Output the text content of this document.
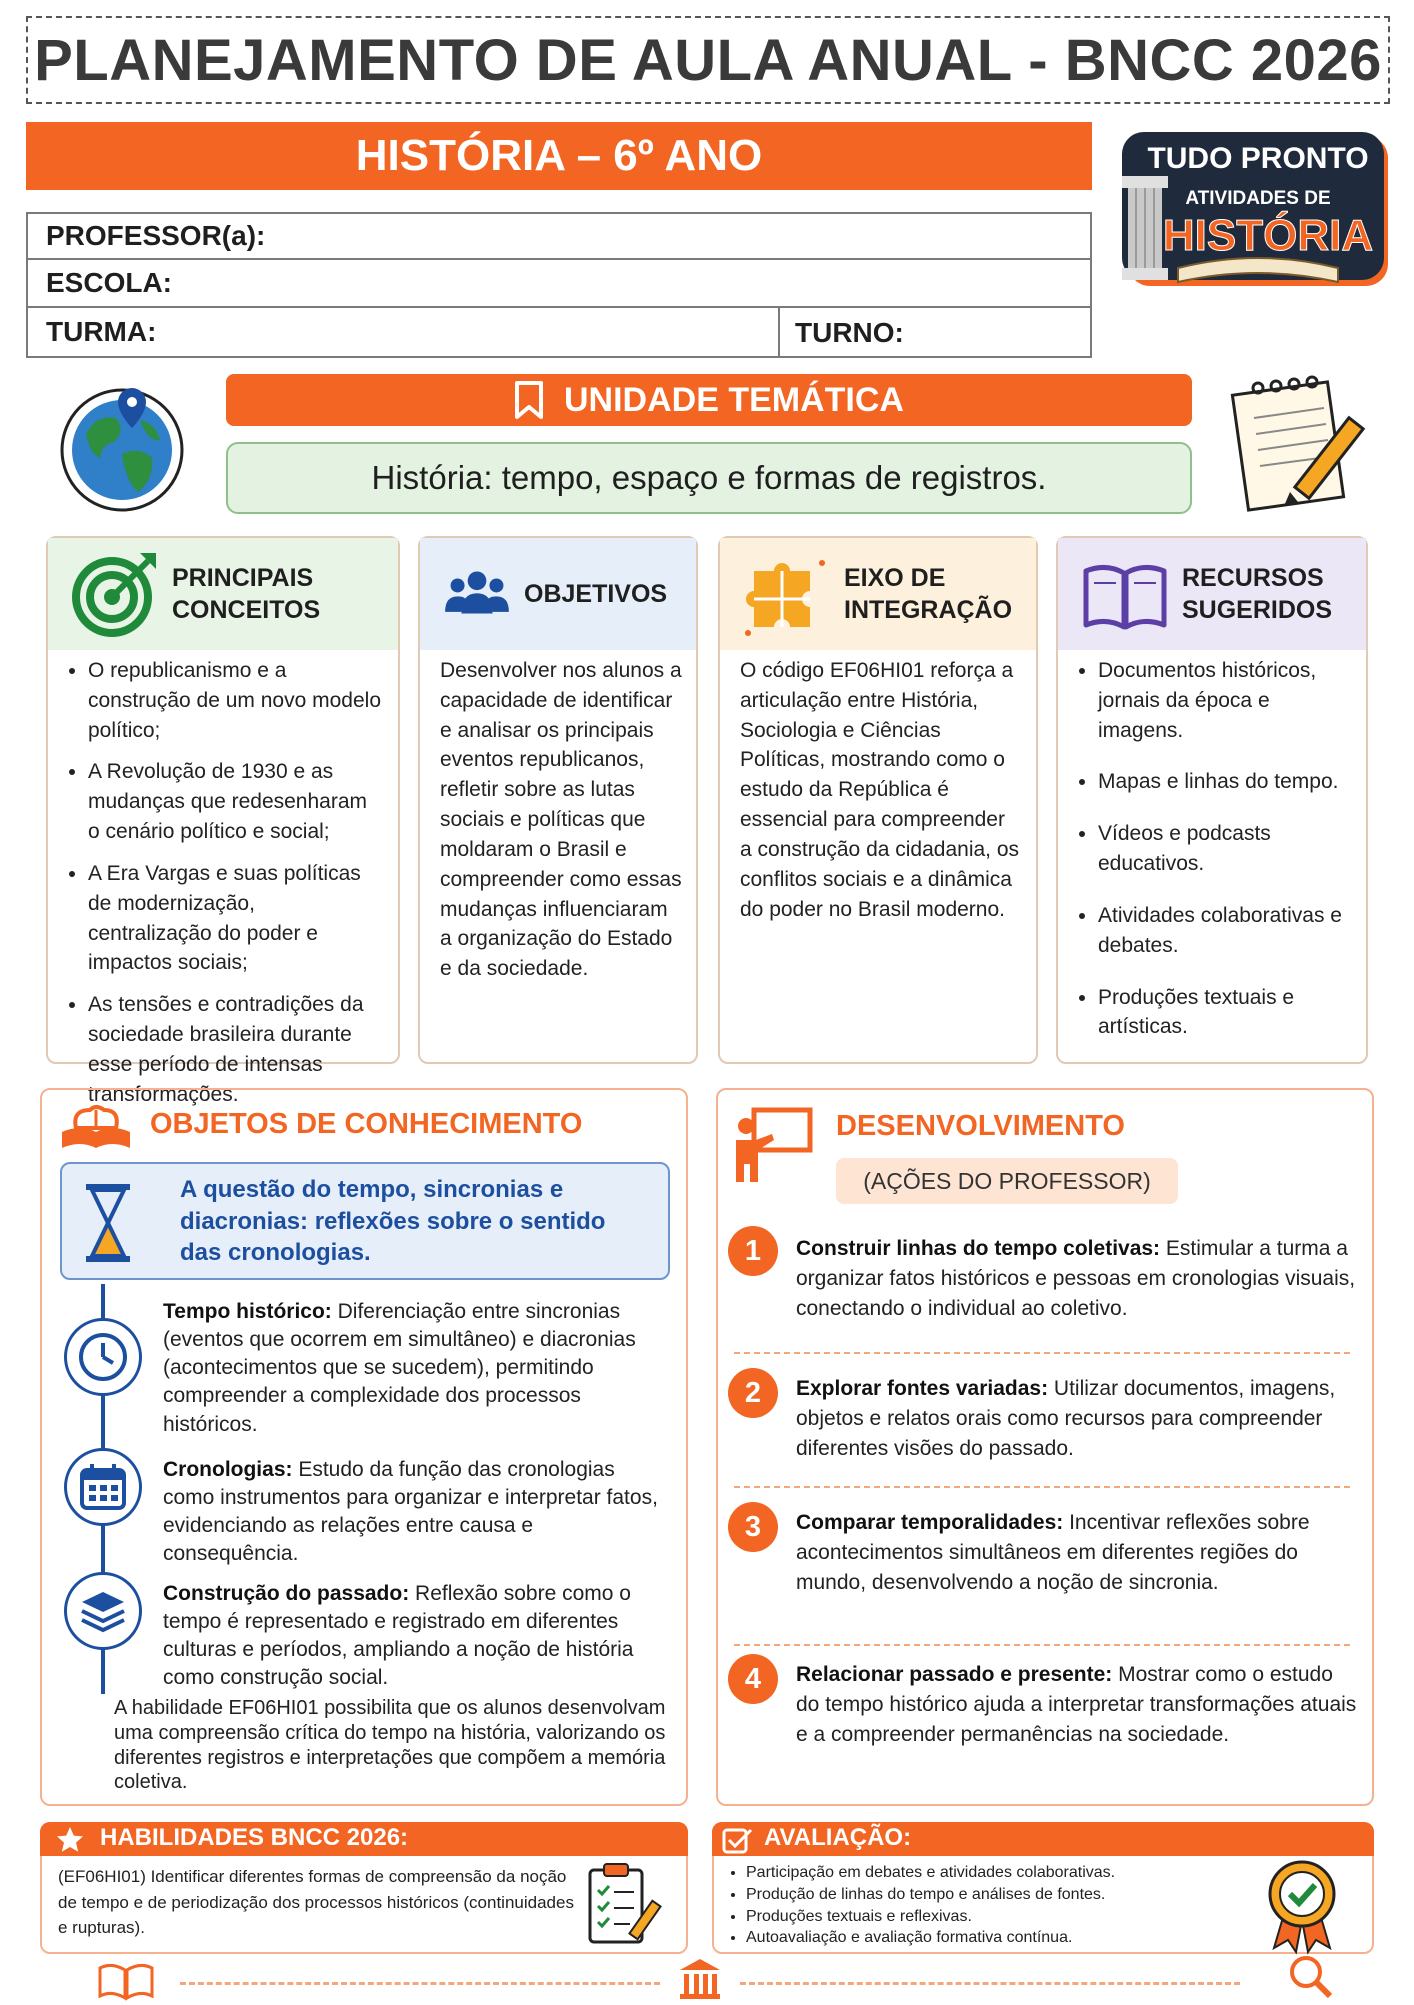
PLANEJAMENTO DE AULA ANUAL - BNCC 2026
HISTÓRIA – 6º ANO
PROFESSOR(a):
ESCOLA:
TURMA:	TURNO:
TUDO PRONTO
ATIVIDADES DE
HISTÓRIA
UNIDADE TEMÁTICA
História: tempo, espaço e formas de registros.
PRINCIPAIS
CONCEITOS
• O republicanismo e a construção de um novo modelo político;
• A Revolução de 1930 e as mudanças que redesenharam o cenário político e social;
• A Era Vargas e suas políticas de modernização, centralização do poder e impactos sociais;
• As tensões e contradições da sociedade brasileira durante esse período de intensas transformações.
OBJETIVOS

Desenvolver nos alunos a capacidade de identificar e analisar os principais eventos republicanos, refletir sobre as lutas sociais e políticas que moldaram o Brasil e compreender como essas mudanças influenciaram a organização do Estado e da sociedade.

EIXO DE
INTEGRAÇÃO

O código EF06HI01 reforça a articulação entre História, Sociologia e Ciências Políticas, mostrando como o estudo da República é essencial para compreender a construção da cidadania, os conflitos sociais e a dinâmica do poder no Brasil moderno.

RECURSOS
SUGERIDOS
• Documentos históricos, jornais da época e imagens.
• Mapas e linhas do tempo.
• Vídeos e podcasts educativos.
• Atividades colaborativas e debates.
• Produções textuais e artísticas.
OBJETOS DE CONHECIMENTO
A questão do tempo, sincronias e diacronias: reflexões sobre o sentido das cronologias.
Tempo histórico: Diferenciação entre sincronias (eventos que ocorrem em simultâneo) e diacronias (acontecimentos que se sucedem), permitindo compreender a complexidade dos processos históricos.
Cronologias: Estudo da função das cronologias como instrumentos para organizar e interpretar fatos, evidenciando as relações entre causa e consequência.
Construção do passado: Reflexão sobre como o tempo é representado e registrado em diferentes culturas e períodos, ampliando a noção de história como construção social.
A habilidade EF06HI01 possibilita que os alunos desenvolvam uma compreensão crítica do tempo na história, valorizando os diferentes registros e interpretações que compõem a memória coletiva.
DESENVOLVIMENTO
(AÇÕES DO PROFESSOR)
1	Construir linhas do tempo coletivas: Estimular a turma a organizar fatos históricos e pessoas em cronologias visuais, conectando o individual ao coletivo.
2	Explorar fontes variadas: Utilizar documentos, imagens, objetos e relatos orais como recursos para compreender diferentes visões do passado.
3	Comparar temporalidades: Incentivar reflexões sobre acontecimentos simultâneos em diferentes regiões do mundo, desenvolvendo a noção de sincronia.
4	Relacionar passado e presente: Mostrar como o estudo do tempo histórico ajuda a interpretar transformações atuais e a compreender permanências na sociedade.
HABILIDADES BNCC 2026:
(EF06HI01) Identificar diferentes formas de compreensão da noção de tempo e de periodização dos processos históricos (continuidades e rupturas).
AVALIAÇÃO:
• Participação em debates e atividades colaborativas.
• Produção de linhas do tempo e análises de fontes.
• Produções textuais e reflexivas.
• Autoavaliação e avaliação formativa contínua.
